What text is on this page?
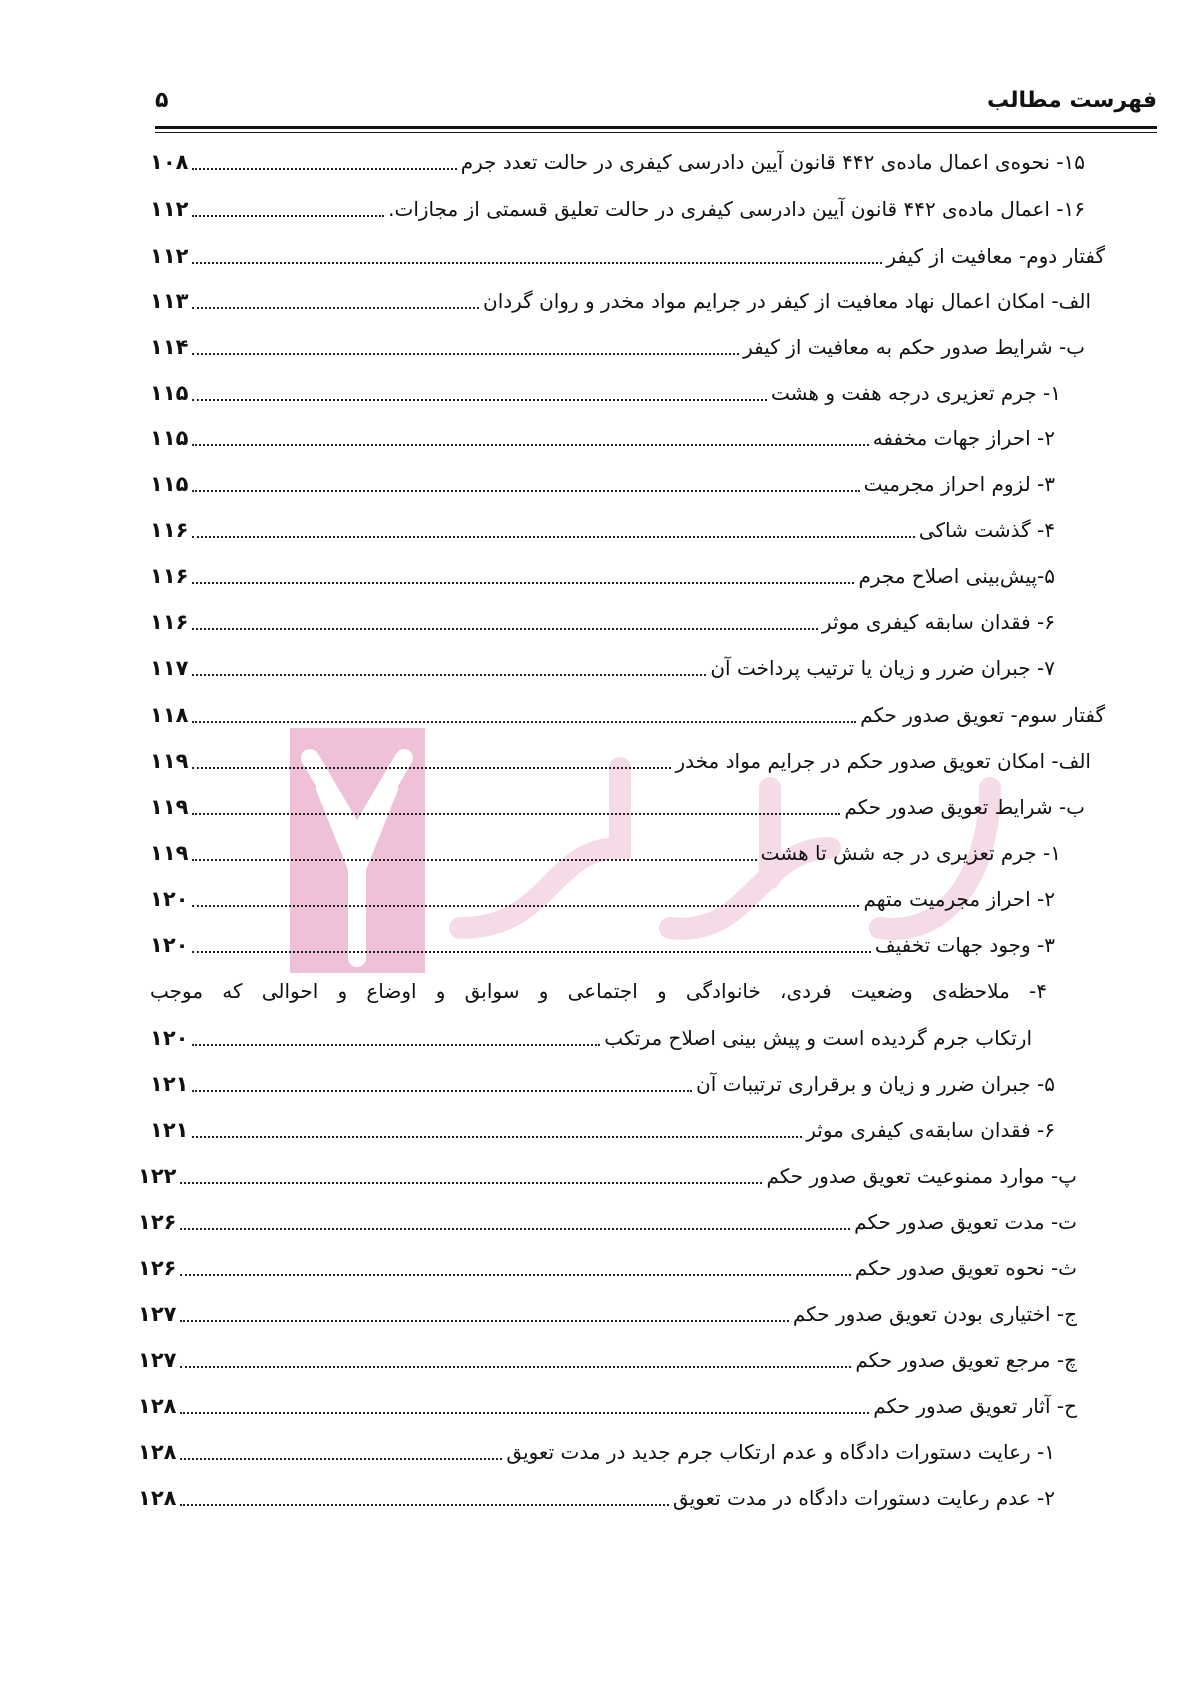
۵	فهرست مطالب
۱۵- نحوه‌ی اعمال ماده‌ی ۴۴۲ قانون آیین دادرسی کیفری در حالت تعدد جرم
۱۰۸
۱۶- اعمال ماده‌ی ۴۴۲ قانون آیین دادرسی کیفری در حالت تعلیق قسمتی از مجازات.
۱۱۲
گفتار دوم- معافیت از کیفر
۱۱۲
الف- امکان اعمال نهاد معافیت از کیفر در جرایم مواد مخدر و روان گردان
۱۱۳
ب- شرایط صدور حکم به معافیت از کیفر
۱۱۴
۱- جرم تعزیری درجه هفت و هشت
۱۱۵
۲- احراز جهات مخففه
۱۱۵
۳- لزوم احراز مجرمیت
۱۱۵
۴- گذشت شاکی
۱۱۶
۵-پیش‌بینی اصلاح مجرم
۱۱۶
۶- فقدان سابقه کیفری موثر
۱۱۶
۷- جبران ضرر و زیان یا ترتیب پرداخت آن
۱۱۷
گفتار سوم- تعویق صدور حکم
۱۱۸
الف- امکان تعویق صدور حکم در جرایم مواد مخدر
۱۱۹
ب- شرایط تعویق صدور حکم
۱۱۹
۱- جرم تعزیری در جه شش تا هشت
۱۱۹
۲- احراز مجرمیت متهم
۱۲۰
۳- وجود جهات تخفیف
۱۲۰
۴- ملاحظه‌ی وضعیت فردی، خانوادگی و اجتماعی و سوابق و اوضاع و احوالی که موجب
ارتکاب جرم گردیده است و پیش بینی اصلاح مرتکب
۱۲۰
۵- جبران ضرر و زیان و برقراری ترتیبات آن
۱۲۱
۶- فقدان سابقه‌ی کیفری موثر
۱۲۱
پ- موارد ممنوعیت تعویق صدور حکم
۱۲۲
ت- مدت تعویق صدور حکم
۱۲۶
ث- نحوه تعویق صدور حکم
۱۲۶
ج- اختیاری بودن تعویق صدور حکم
۱۲۷
چ- مرجع تعویق صدور حکم
۱۲۷
ح- آثار تعویق صدور حکم
۱۲۸
۱- رعایت دستورات دادگاه و عدم ارتکاب جرم جدید در مدت تعویق
۱۲۸
۲- عدم رعایت دستورات دادگاه در مدت تعویق
۱۲۸
